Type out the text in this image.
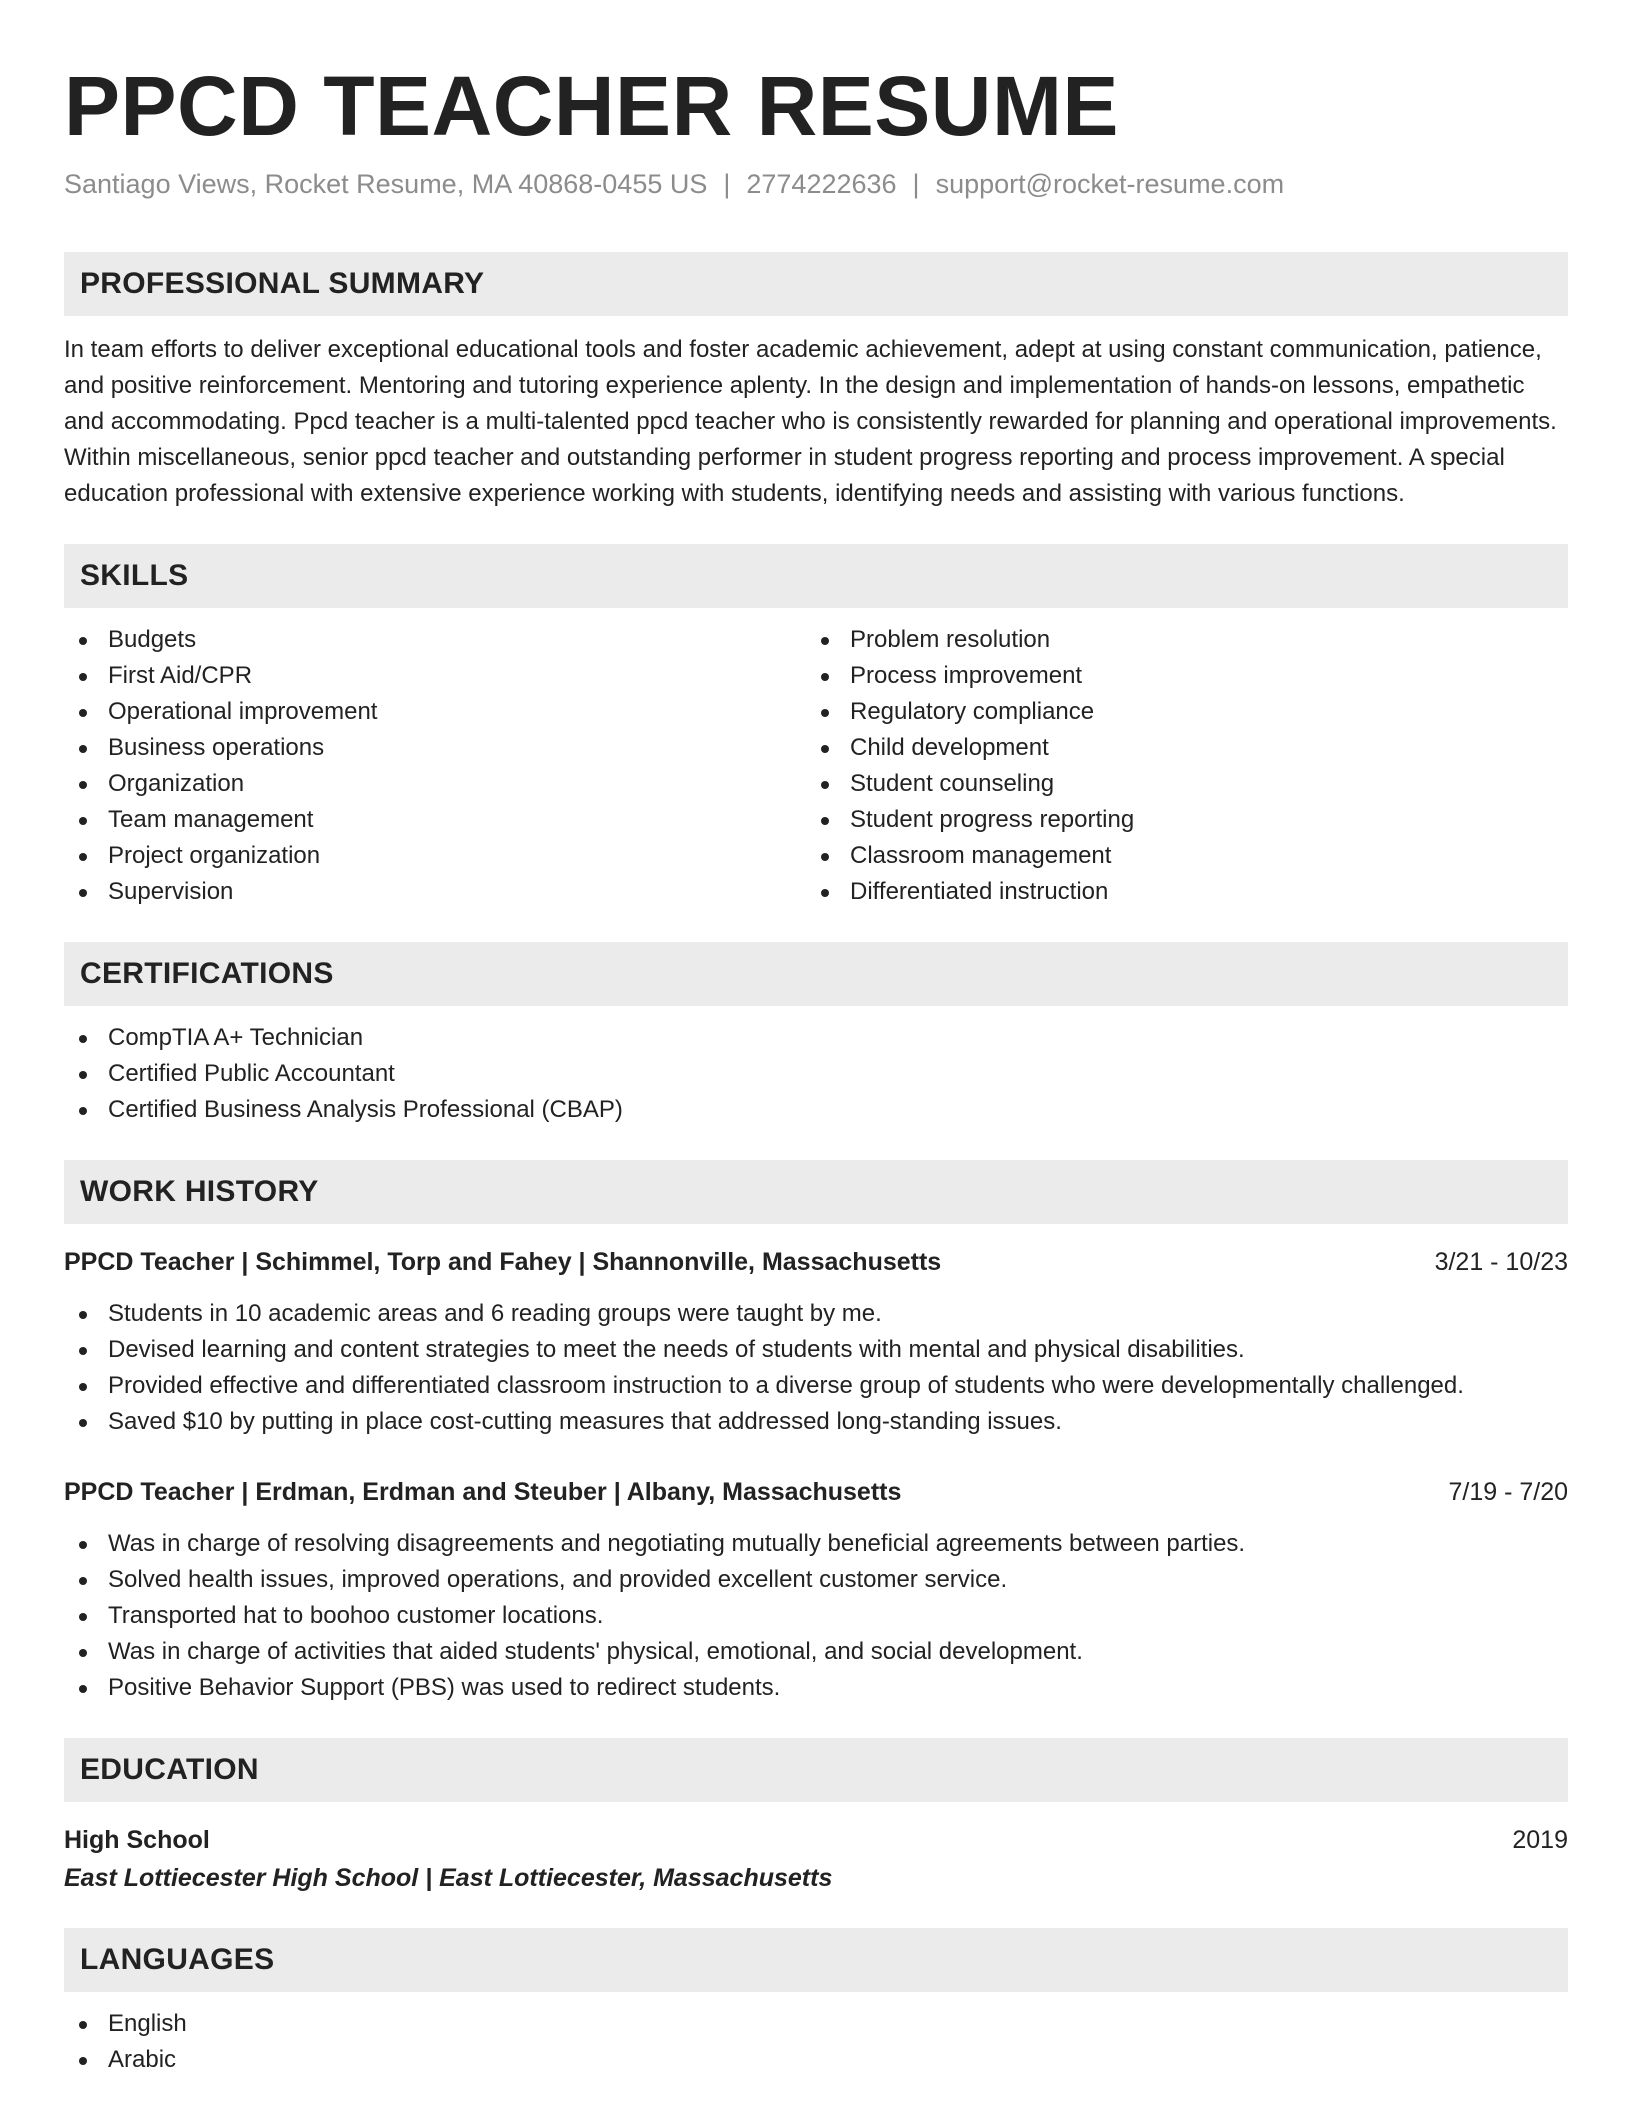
PPCD TEACHER RESUME
Santiago Views, Rocket Resume, MA 40868-0455 US | 2774222636 | support@rocket-resume.com
PROFESSIONAL SUMMARY

In team efforts to deliver exceptional educational tools and foster academic achievement, adept at using constant communication, patience, and positive reinforcement. Mentoring and tutoring experience aplenty. In the design and implementation of hands-on lessons, empathetic and accommodating. Ppcd teacher is a multi-talented ppcd teacher who is consistently rewarded for planning and operational improvements. Within miscellaneous, senior ppcd teacher and outstanding performer in student progress reporting and process improvement. A special education professional with extensive experience working with students, identifying needs and assisting with various functions.

SKILLS
Budgets
First Aid/CPR
Operational improvement
Business operations
Organization
Team management
Project organization
Supervision
Problem resolution
Process improvement
Regulatory compliance
Child development
Student counseling
Student progress reporting
Classroom management
Differentiated instruction
CERTIFICATIONS
CompTIA A+ Technician
Certified Public Accountant
Certified Business Analysis Professional (CBAP)
WORK HISTORY
PPCD Teacher | Schimmel, Torp and Fahey | Shannonville, Massachusetts	3/21 - 10/23
Students in 10 academic areas and 6 reading groups were taught by me.
Devised learning and content strategies to meet the needs of students with mental and physical disabilities.
Provided effective and differentiated classroom instruction to a diverse group of students who were developmentally challenged.
Saved $10 by putting in place cost-cutting measures that addressed long-standing issues.
PPCD Teacher | Erdman, Erdman and Steuber | Albany, Massachusetts	7/19 - 7/20
Was in charge of resolving disagreements and negotiating mutually beneficial agreements between parties.
Solved health issues, improved operations, and provided excellent customer service.
Transported hat to boohoo customer locations.
Was in charge of activities that aided students' physical, emotional, and social development.
Positive Behavior Support (PBS) was used to redirect students.
EDUCATION
High School	2019
East Lottiecester High School | East Lottiecester, Massachusetts
LANGUAGES
English
Arabic
